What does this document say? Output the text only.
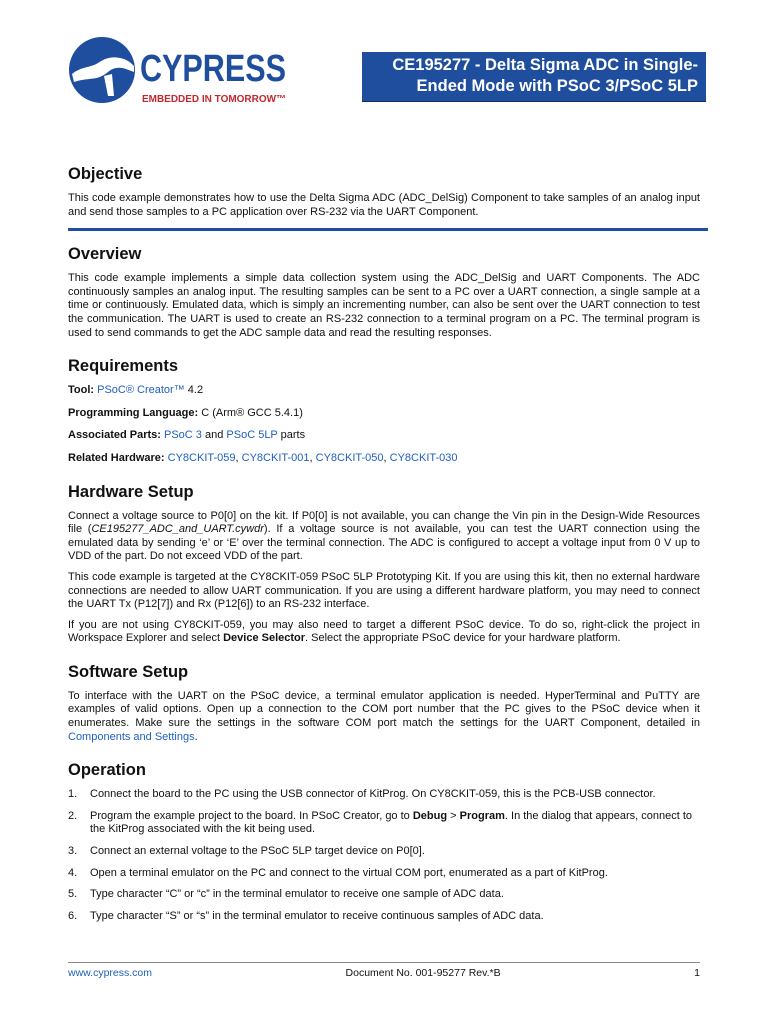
CYPRESS
EMBEDDED IN TOMORROW™
CE195277 - Delta Sigma ADC in Single-
Ended Mode with PSoC 3/PSoC 5LP
Objective

This code example demonstrates how to use the Delta Sigma ADC (ADC_DelSig) Component to take samples of an analog input and send those samples to a PC application over RS-232 via the UART Component.

Overview

This code example implements a simple data collection system using the ADC_DelSig and UART Components. The ADC continuously samples an analog input. The resulting samples can be sent to a PC over a UART connection, a single sample at a time or continuously. Emulated data, which is simply an incrementing number, can also be sent over the UART connection to test the communication. The UART is used to create an RS-232 connection to a terminal program on a PC. The terminal program is used to send commands to get the ADC sample data and read the resulting responses.

Requirements

Tool: PSoC® Creator™ 4.2

Programming Language: C (Arm® GCC 5.4.1)

Associated Parts: PSoC 3 and PSoC 5LP parts

Related Hardware: CY8CKIT-059, CY8CKIT-001, CY8CKIT-050, CY8CKIT-030

Hardware Setup

Connect a voltage source to P0[0] on the kit. If P0[0] is not available, you can change the Vin pin in the Design-Wide Resources file (CE195277_ADC_and_UART.cywdr). If a voltage source is not available, you can test the UART connection using the emulated data by sending ‘e’ or ‘E’ over the terminal connection. The ADC is configured to accept a voltage input from 0 V up to VDD of the part. Do not exceed VDD of the part.

This code example is targeted at the CY8CKIT-059 PSoC 5LP Prototyping Kit. If you are using this kit, then no external hardware connections are needed to allow UART communication. If you are using a different hardware platform, you may need to connect the UART Tx (P12[7]) and Rx (P12[6]) to an RS-232 interface.

If you are not using CY8CKIT-059, you may also need to target a different PSoC device. To do so, right-click the project in Workspace Explorer and select Device Selector. Select the appropriate PSoC device for your hardware platform.

Software Setup

To interface with the UART on the PSoC device, a terminal emulator application is needed. HyperTerminal and PuTTY are examples of valid options. Open up a connection to the COM port number that the PC gives to the PSoC device when it enumerates. Make sure the settings in the software COM port match the settings for the UART Component, detailed in Components and Settings.

Operation
1. Connect the board to the PC using the USB connector of KitProg. On CY8CKIT-059, this is the PCB-USB connector.
2. Program the example project to the board. In PSoC Creator, go to Debug > Program. In the dialog that appears, connect to the KitProg associated with the kit being used.
3. Connect an external voltage to the PSoC 5LP target device on P0[0].
4. Open a terminal emulator on the PC and connect to the virtual COM port, enumerated as a part of KitProg.
5. Type character “C” or “c” in the terminal emulator to receive one sample of ADC data.
6. Type character “S” or “s” in the terminal emulator to receive continuous samples of ADC data.
www.cypress.com	Document No. 001-95277 Rev.*B	1
